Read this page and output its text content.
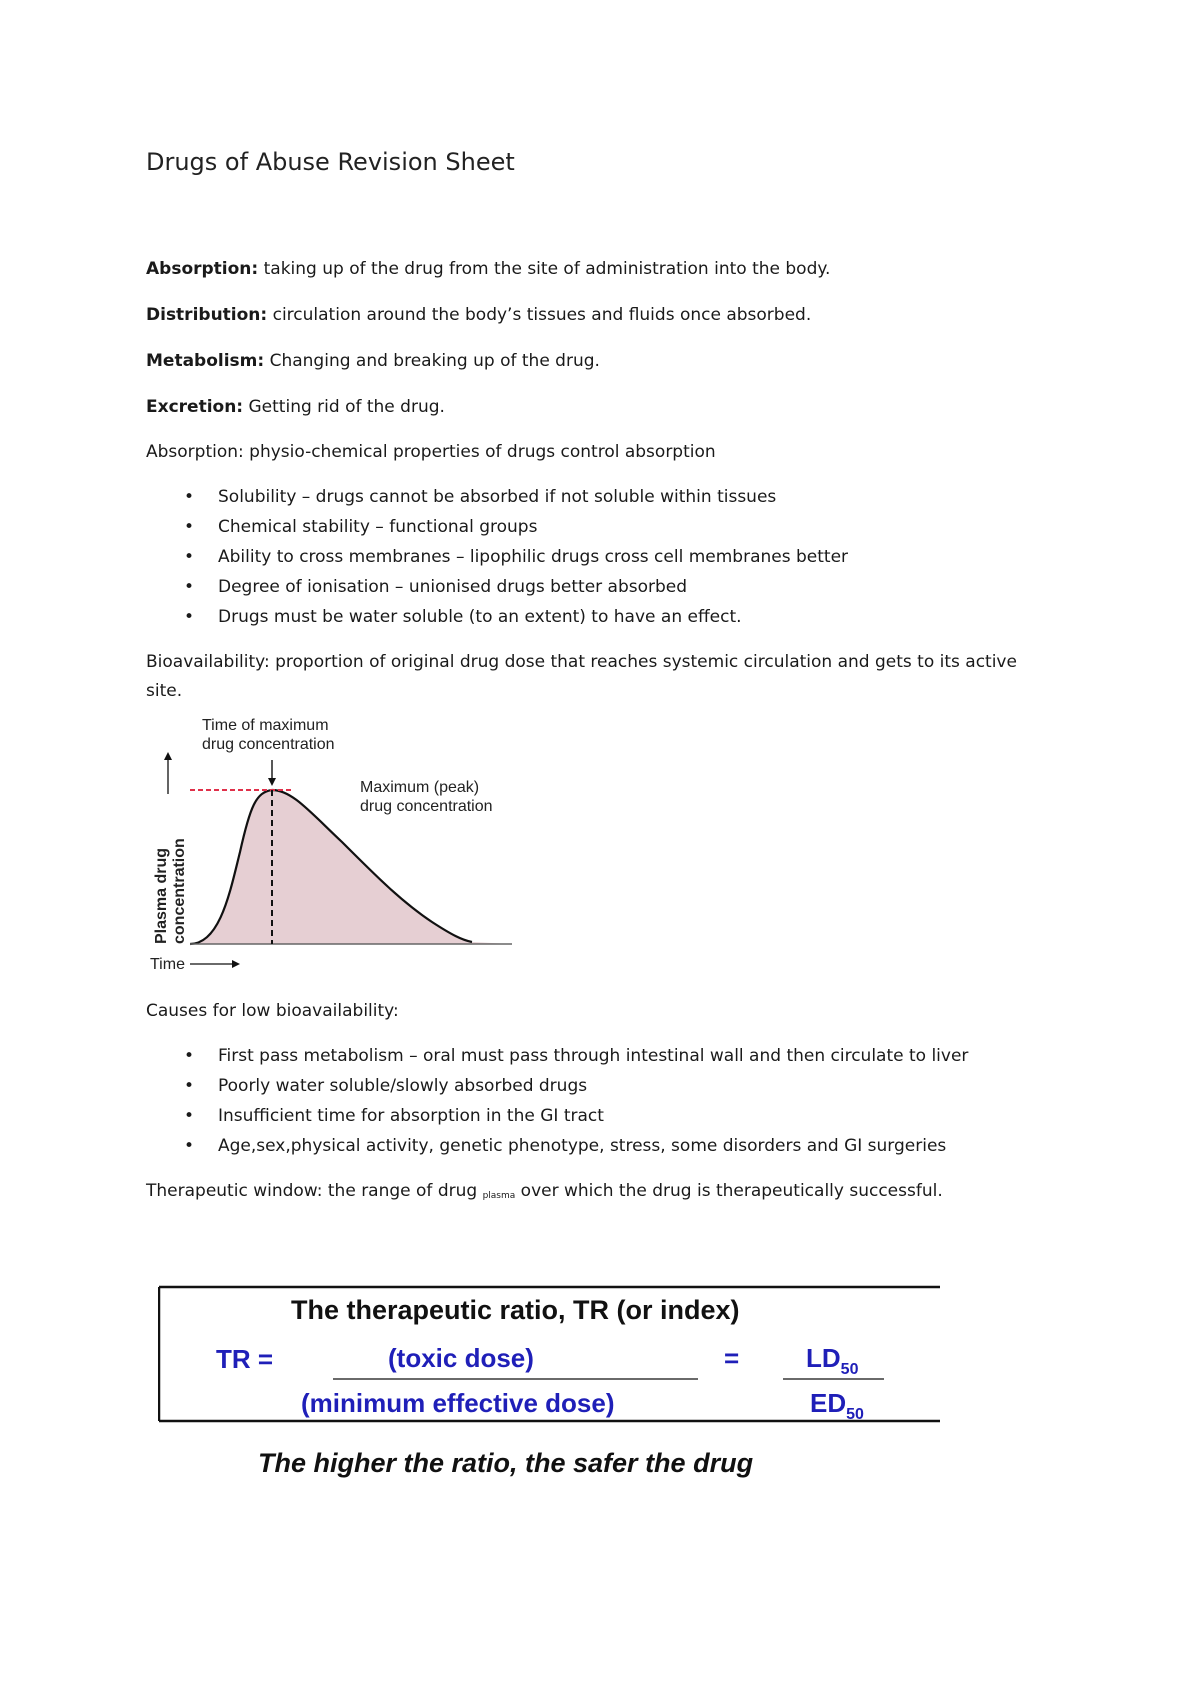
Drugs of Abuse Revision Sheet

Absorption: taking up of the drug from the site of administration into the body.

Distribution: circulation around the body’s tissues and fluids once absorbed.

Metabolism: Changing and breaking up of the drug.

Excretion: Getting rid of the drug.

Absorption: physio-chemical properties of drugs control absorption

• Solubility – drugs cannot be absorbed if not soluble within tissues
• Chemical stability – functional groups
• Ability to cross membranes – lipophilic drugs cross cell membranes better
• Degree of ionisation – unionised drugs better absorbed
• Drugs must be water soluble (to an extent) to have an effect.

Bioavailability: proportion of original drug dose that reaches systemic circulation and gets to its active site.

Time of maximum
drug concentration
Maximum (peak)
drug concentration
Plasma drug concentration
Time

Causes for low bioavailability:

• First pass metabolism – oral must pass through intestinal wall and then circulate to liver
• Poorly water soluble/slowly absorbed drugs
• Insufficient time for absorption in the GI tract
• Age,sex,physical activity, genetic phenotype, stress, some disorders and GI surgeries

Therapeutic window: the range of drug plasma over which the drug is therapeutically successful.

The therapeutic ratio, TR (or index)
TR =	(toxic dose)
(minimum effective dose)
=	$LD_{50}$
$ED_{50}$
The higher the ratio, the safer the drug
